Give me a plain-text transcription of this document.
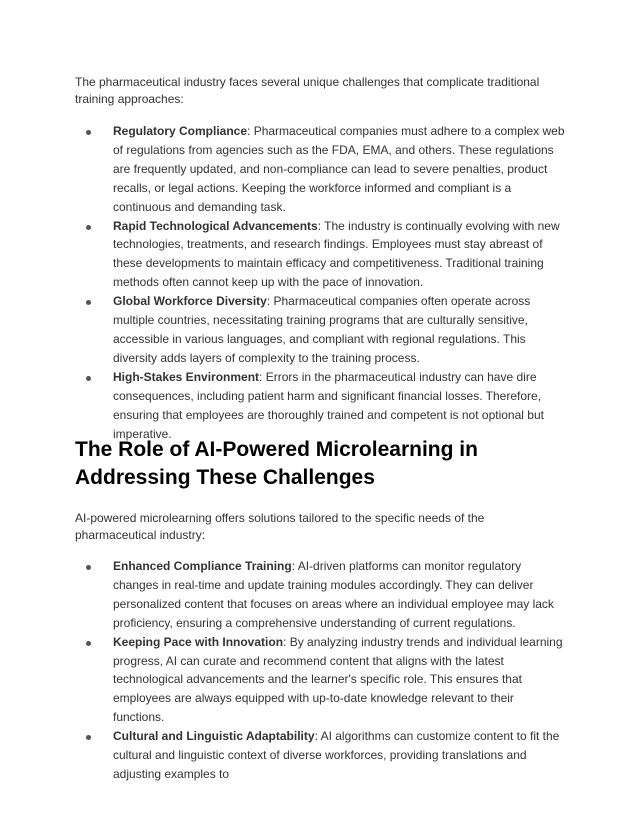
The pharmaceutical industry faces several unique challenges that complicate traditional training approaches:

Regulatory Compliance: Pharmaceutical companies must adhere to a complex web of regulations from agencies such as the FDA, EMA, and others. These regulations are frequently updated, and non-compliance can lead to severe penalties, product recalls, or legal actions. Keeping the workforce informed and compliant is a continuous and demanding task.
Rapid Technological Advancements: The industry is continually evolving with new technologies, treatments, and research findings. Employees must stay abreast of these developments to maintain efficacy and competitiveness. Traditional training methods often cannot keep up with the pace of innovation.
Global Workforce Diversity: Pharmaceutical companies often operate across multiple countries, necessitating training programs that are culturally sensitive, accessible in various languages, and compliant with regional regulations. This diversity adds layers of complexity to the training process.
High-Stakes Environment: Errors in the pharmaceutical industry can have dire consequences, including patient harm and significant financial losses. Therefore, ensuring that employees are thoroughly trained and competent is not optional but imperative.
The Role of AI-Powered Microlearning in Addressing These Challenges

AI-powered microlearning offers solutions tailored to the specific needs of the pharmaceutical industry:

Enhanced Compliance Training: AI-driven platforms can monitor regulatory changes in real-time and update training modules accordingly. They can deliver personalized content that focuses on areas where an individual employee may lack proficiency, ensuring a comprehensive understanding of current regulations.
Keeping Pace with Innovation: By analyzing industry trends and individual learning progress, AI can curate and recommend content that aligns with the latest technological advancements and the learner's specific role. This ensures that employees are always equipped with up-to-date knowledge relevant to their functions.
Cultural and Linguistic Adaptability: AI algorithms can customize content to fit the cultural and linguistic context of diverse workforces, providing translations and adjusting examples to
